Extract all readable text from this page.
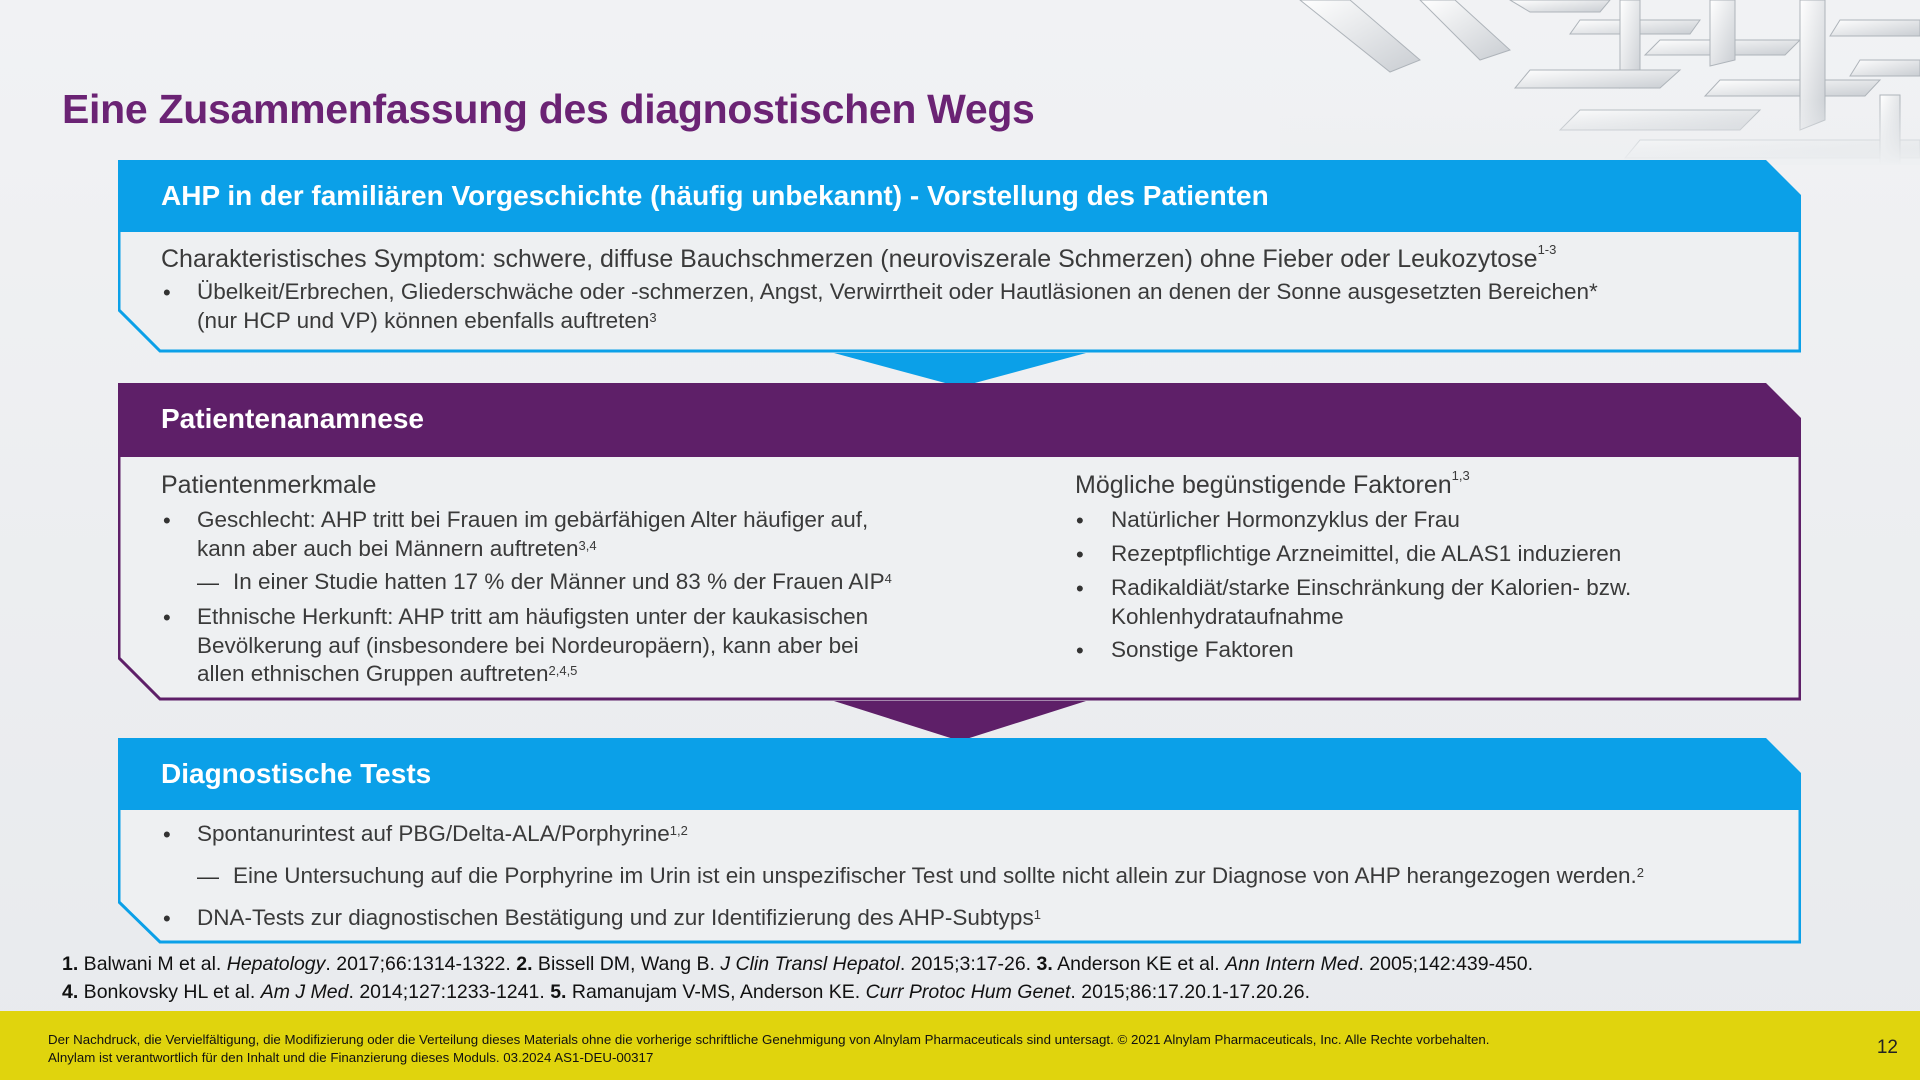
Eine Zusammenfassung des diagnostischen Wegs
AHP in der familiären Vorgeschichte (häufig unbekannt) - Vorstellung des Patienten
Charakteristisches Symptom: schwere, diffuse Bauchschmerzen (neuroviszerale Schmerzen) ohne Fieber oder Leukozytose$^{1-3}$
• Übelkeit/Erbrechen, Gliederschwäche oder -schmerzen, Angst, Verwirrtheit oder Hautläsionen an denen der Sonne ausgesetzten Bereichen*
(nur HCP und VP) können ebenfalls auftreten$^3$
Patientenanamnese
Patientenmerkmale
• Geschlecht: AHP tritt bei Frauen im gebärfähigen Alter häufiger auf,
kann aber auch bei Männern auftreten$^{3,4}$
— In einer Studie hatten 17 % der Männer und 83 % der Frauen AIP$^4$
• Ethnische Herkunft: AHP tritt am häufigsten unter der kaukasischen
Bevölkerung auf (insbesondere bei Nordeuropäern), kann aber bei
allen ethnischen Gruppen auftreten$^{2,4,5}$
Mögliche begünstigende Faktoren$^{1,3}$
• Natürlicher Hormonzyklus der Frau
• Rezeptpflichtige Arzneimittel, die ALAS1 induzieren
• Radikaldiät/starke Einschränkung der Kalorien- bzw.
Kohlenhydrataufnahme
• Sonstige Faktoren
Diagnostische Tests
• Spontanurintest auf PBG/Delta-ALA/Porphyrine$^{1,2}$
— Eine Untersuchung auf die Porphyrine im Urin ist ein unspezifischer Test und sollte nicht allein zur Diagnose von AHP herangezogen werden.$^2$
• DNA-Tests zur diagnostischen Bestätigung und zur Identifizierung des AHP-Subtyps$^1$
1. Balwani M et al. Hepatology. 2017;66:1314-1322. 2. Bissell DM, Wang B. J Clin Transl Hepatol. 2015;3:17-26. 3. Anderson KE et al. Ann Intern Med. 2005;142:439-450.
4. Bonkovsky HL et al. Am J Med. 2014;127:1233-1241. 5. Ramanujam V-MS, Anderson KE. Curr Protoc Hum Genet. 2015;86:17.20.1-17.20.26.
Der Nachdruck, die Vervielfältigung, die Modifizierung oder die Verteilung dieses Materials ohne die vorherige schriftliche Genehmigung von Alnylam Pharmaceuticals sind untersagt. © 2021 Alnylam Pharmaceuticals, Inc. Alle Rechte vorbehalten.
Alnylam ist verantwortlich für den Inhalt und die Finanzierung dieses Moduls. 03.2024 AS1-DEU-00317	12
